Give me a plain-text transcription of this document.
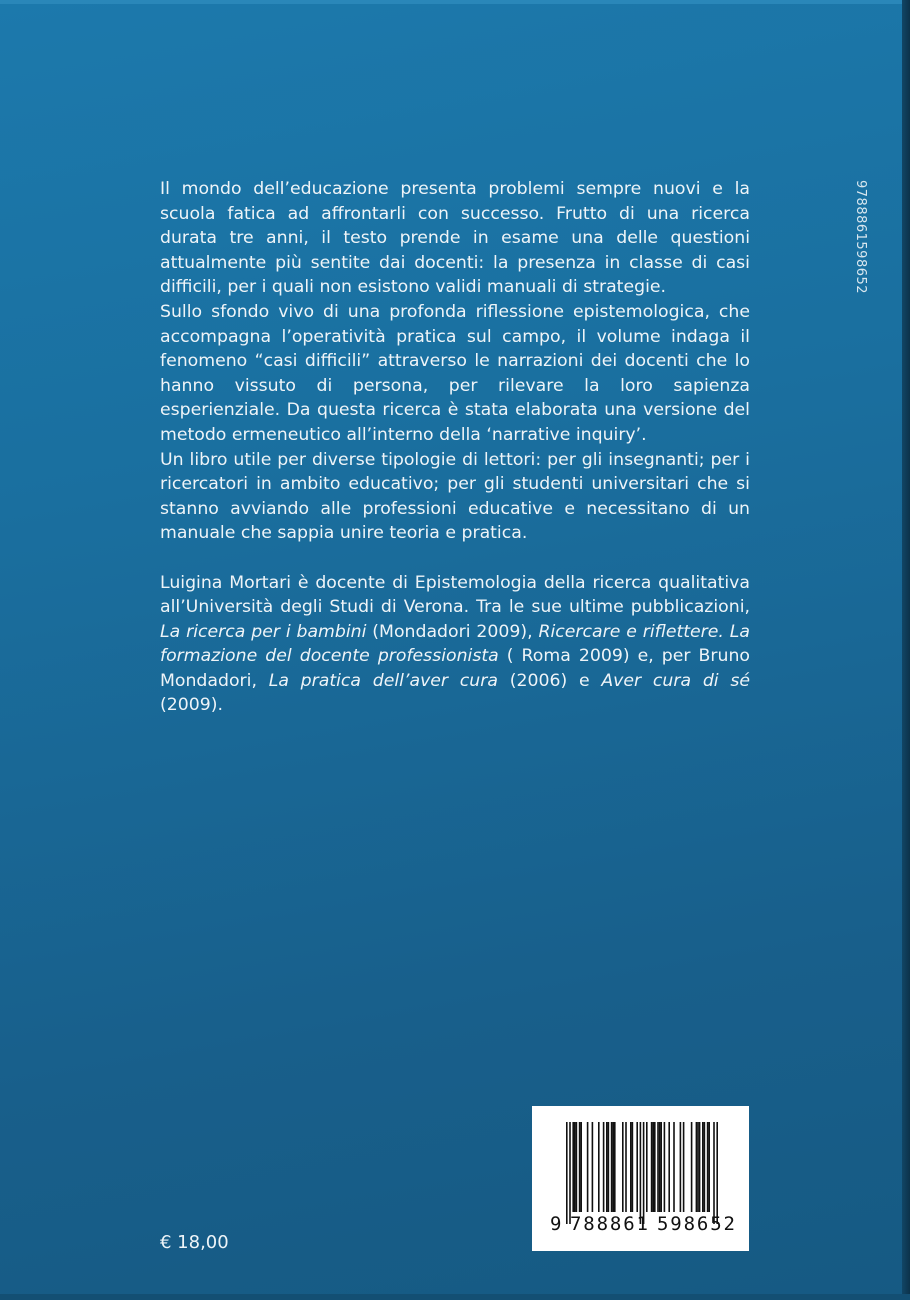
9788861598652

Il mondo dell’educazione presenta problemi sempre nuovi e la scuola fatica ad affrontarli con successo. Frutto di una ricerca durata tre anni, il testo prende in esame una delle questioni attualmente più sentite dai docenti: la presenza in classe di casi difficili, per i quali non esistono validi manuali di strategie.

Sullo sfondo vivo di una profonda riflessione epistemologica, che accompagna l’operatività pratica sul campo, il volume indaga il fenomeno “casi difficili” attraverso le narrazioni dei docenti che lo hanno vissuto di persona, per rilevare la loro sapienza esperienziale. Da questa ricerca è stata elaborata una versione del metodo ermeneutico all’interno della ‘narrative inquiry’.

Un libro utile per diverse tipologie di lettori: per gli insegnanti; per i ricercatori in ambito educativo; per gli studenti universitari che si stanno avviando alle professioni educative e necessitano di un manuale che sappia unire teoria e pratica.

Luigina Mortari è docente di Epistemologia della ricerca qualitativa all’Università degli Studi di Verona. Tra le sue ultime pubblicazioni, La ricerca per i bambini (Mondadori 2009), Ricercare e riflettere. La formazione del docente professionista ( Roma 2009) e, per Bruno Mondadori, La pratica dell’aver cura (2006) e Aver cura di sé (2009).

9 788861 598652
€ 18,00
